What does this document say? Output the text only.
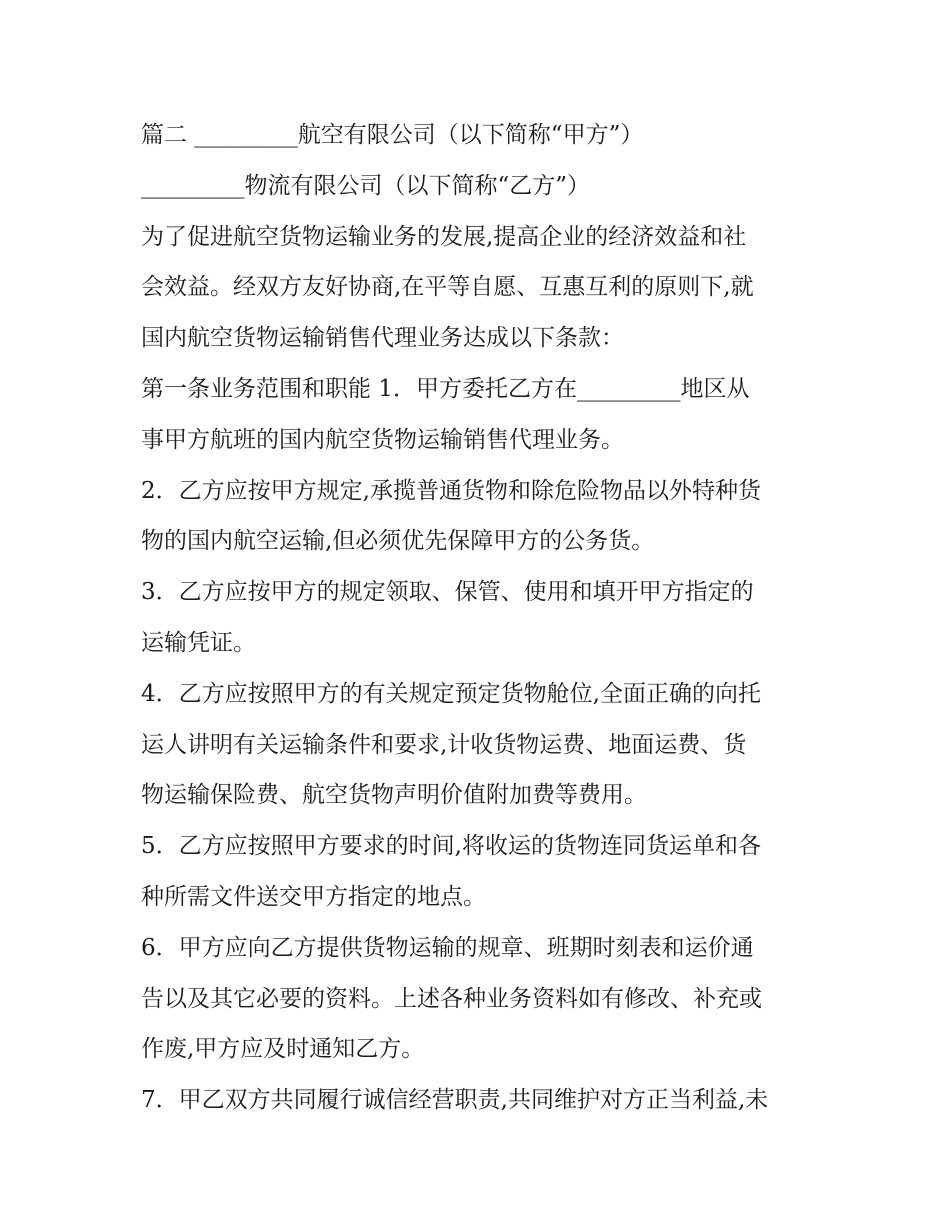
篇二 _________航空有限公司（以下简称“甲方”）

_________物流有限公司（以下简称“乙方”）

为了促进航空货物运输业务的发展,提高企业的经济效益和社

会效益。经双方友好协商,在平等自愿、互惠互利的原则下,就

国内航空货物运输销售代理业务达成以下条款：

第一条业务范围和职能 1．甲方委托乙方在_________地区从

事甲方航班的国内航空货物运输销售代理业务。

2．乙方应按甲方规定,承揽普通货物和除危险物品以外特种货

物的国内航空运输,但必须优先保障甲方的公务货。

3．乙方应按甲方的规定领取、保管、使用和填开甲方指定的

运输凭证。

4．乙方应按照甲方的有关规定预定货物舱位,全面正确的向托

运人讲明有关运输条件和要求,计收货物运费、地面运费、货

物运输保险费、航空货物声明价值附加费等费用。

5．乙方应按照甲方要求的时间,将收运的货物连同货运单和各

种所需文件送交甲方指定的地点。

6．甲方应向乙方提供货物运输的规章、班期时刻表和运价通

告以及其它必要的资料。上述各种业务资料如有修改、补充或

作废,甲方应及时通知乙方。

7．甲乙双方共同履行诚信经营职责,共同维护对方正当利益,未
